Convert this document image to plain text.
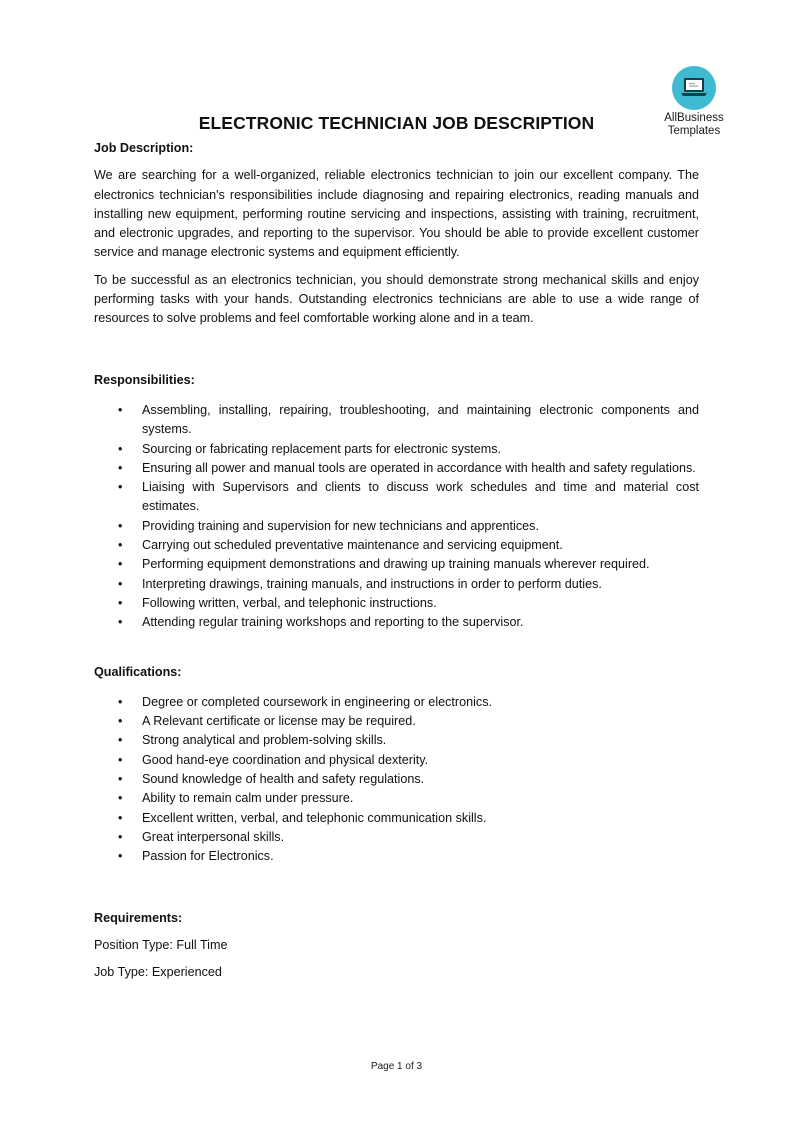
AllBusiness
Templates
ELECTRONIC TECHNICIAN JOB DESCRIPTION

Job Description:

We are searching for a well-organized, reliable electronics technician to join our excellent company. The electronics technician's responsibilities include diagnosing and repairing electronics, reading manuals and installing new equipment, performing routine servicing and inspections, assisting with training, recruitment, and electronic upgrades, and reporting to the supervisor. You should be able to provide excellent customer service and manage electronic systems and equipment efficiently.

To be successful as an electronics technician, you should demonstrate strong mechanical skills and enjoy performing tasks with your hands. Outstanding electronics technicians are able to use a wide range of resources to solve problems and feel comfortable working alone and in a team.

Responsibilities:

• Assembling, installing, repairing, troubleshooting, and maintaining electronic components and systems.
• Sourcing or fabricating replacement parts for electronic systems.
• Ensuring all power and manual tools are operated in accordance with health and safety regulations.
• Liaising with Supervisors and clients to discuss work schedules and time and material cost estimates.
• Providing training and supervision for new technicians and apprentices.
• Carrying out scheduled preventative maintenance and servicing equipment.
• Performing equipment demonstrations and drawing up training manuals wherever required.
• Interpreting drawings, training manuals, and instructions in order to perform duties.
• Following written, verbal, and telephonic instructions.
• Attending regular training workshops and reporting to the supervisor.

Qualifications:

• Degree or completed coursework in engineering or electronics.
• A Relevant certificate or license may be required.
• Strong analytical and problem-solving skills.
• Good hand-eye coordination and physical dexterity.
• Sound knowledge of health and safety regulations.
• Ability to remain calm under pressure.
• Excellent written, verbal, and telephonic communication skills.
• Great interpersonal skills.
• Passion for Electronics.

Requirements:

Position Type: Full Time

Job Type: Experienced

Page 1 of 3
